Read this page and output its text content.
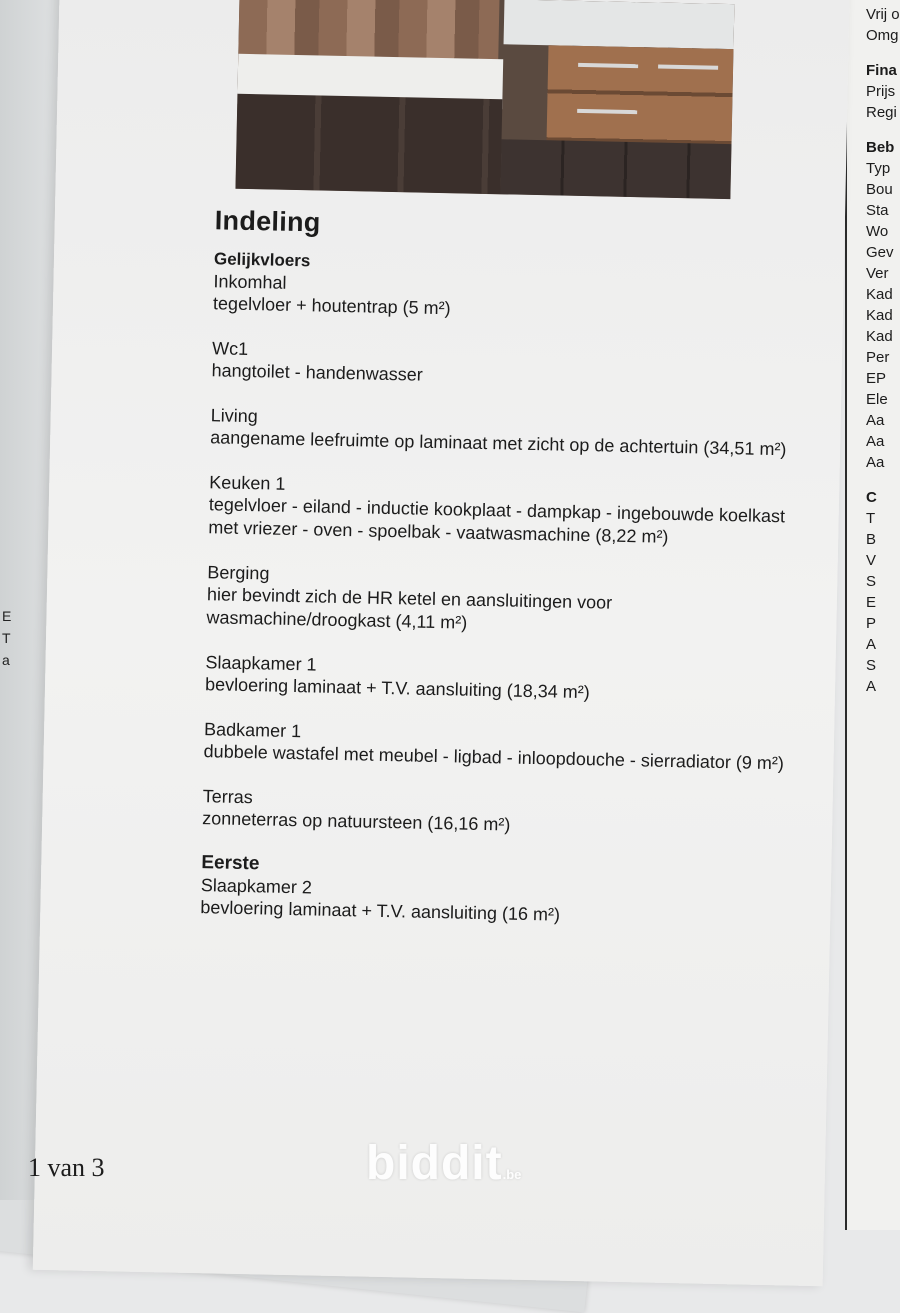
E
T
a
Vrij o
Omg
Fina
Prijs
Regi
Beb
Typ
Bou
Sta
Wo
Gev
Ver
Kad
Kad
Kad
Per
EP
Ele
Aa
Aa
Aa
C
T
B
V
S
E
P
A
S
A
Indeling
Gelijkvloers
Inkomhal
tegelvloer + houtentrap (5 m²)
Wc1
hangtoilet - handenwasser
Living
aangename leefruimte op laminaat met zicht op de achtertuin (34,51 m²)
Keuken 1
tegelvloer - eiland - inductie kookplaat - dampkap - ingebouwde koelkast met vriezer - oven - spoelbak - vaatwasmachine (8,22 m²)
Berging
hier bevindt zich de HR ketel en aansluitingen voor wasmachine/droogkast (4,11 m²)
Slaapkamer 1
bevloering laminaat + T.V. aansluiting (18,34 m²)
Badkamer 1
dubbele wastafel met meubel - ligbad - inloopdouche - sierradiator (9 m²)
Terras
zonneterras op natuursteen (16,16 m²)
Eerste
Slaapkamer 2
bevloering laminaat + T.V. aansluiting (16 m²)
1 van 3	biddit.be
